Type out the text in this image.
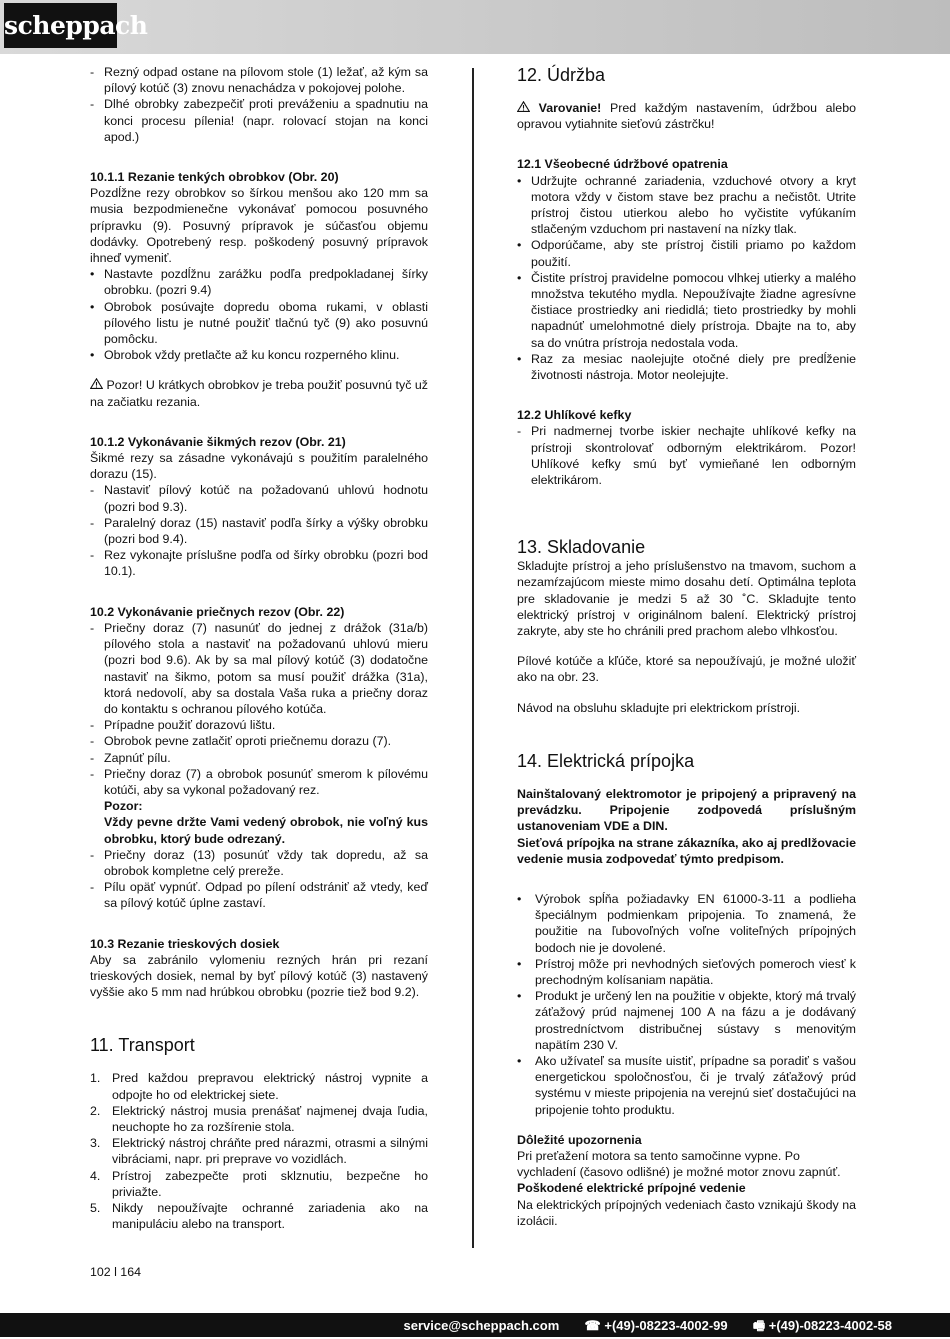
scheppach
- Rezný odpad ostane na pílovom stole (1) ležať, až kým sa pílový kotúč (3) znovu nenachádza v pokojovej polohe.
- Dlhé obrobky zabezpečiť proti preváženiu a spadnutiu na konci procesu pílenia! (napr. rolovací stojan na konci apod.)

10.1.1 Rezanie tenkých obrobkov (Obr. 20)

Pozdĺžne rezy obrobkov so šírkou menšou ako 120 mm sa musia bezpodmienečne vykonávať pomocou posuvného prípravku (9). Posuvný prípravok je súčasťou objemu dodávky. Opotrebený resp. poškodený posuvný prípravok ihneď vymeniť.

• Nastavte pozdĺžnu zarážku podľa predpokladanej šírky obrobku. (pozri 9.4)
• Obrobok posúvajte dopredu oboma rukami, v oblasti pílového listu je nutné použiť tlačnú tyč (9) ako posuvnú pomôcku.
• Obrobok vždy pretlačte až ku koncu rozperného klinu.

Pozor! U krátkych obrobkov je treba použiť posuvnú tyč už na začiatku rezania.

10.1.2 Vykonávanie šikmých rezov (Obr. 21)

Šikmé rezy sa zásadne vykonávajú s použitím paralelného dorazu (15).

- Nastaviť pílový kotúč na požadovanú uhlovú hodnotu (pozri bod 9.3).
- Paralelný doraz (15) nastaviť podľa šírky a výšky obrobku (pozri bod 9.4).
- Rez vykonajte príslušne podľa od šírky obrobku (pozri bod 10.1).

10.2 Vykonávanie priečnych rezov (Obr. 22)

- Priečny doraz (7) nasunúť do jednej z drážok (31a/b) pílového stola a nastaviť na požadovanú uhlovú mieru (pozri bod 9.6). Ak by sa mal pílový kotúč (3) dodatočne nastaviť na šikmo, potom sa musí použiť drážka (31a), ktorá nedovolí, aby sa dostala Vaša ruka a priečny doraz do kontaktu s ochranou pílového kotúča.
- Prípadne použiť dorazovú lištu.
- Obrobok pevne zatlačiť oproti priečnemu dorazu (7).
- Zapnúť pílu.
- Priečny doraz (7) a obrobok posunúť smerom k pílovému kotúči, aby sa vykonal požadovaný rez.

Pozor:

Vždy pevne držte Vami vedený obrobok, nie voľný kus obrobku, ktorý bude odrezaný.

- Priečny doraz (13) posunúť vždy tak dopredu, až sa obrobok kompletne celý prereže.
- Pílu opäť vypnúť. Odpad po pílení odstrániť až vtedy, keď sa pílový kotúč úplne zastaví.

10.3 Rezanie trieskových dosiek

Aby sa zabránilo vylomeniu rezných hrán pri rezaní trieskových dosiek, nemal by byť pílový kotúč (3) nastavený vyššie ako 5 mm nad hrúbkou obrobku (pozrie tiež bod 9.2).

11. Transport

1. Pred každou prepravou elektrický nástroj vypnite a odpojte ho od elektrickej siete.
2. Elektrický nástroj musia prenášať najmenej dvaja ľudia, neuchopte ho za rozšírenie stola.
3. Elektrický nástroj chráňte pred nárazmi, otrasmi a silnými vibráciami, napr. pri preprave vo vozidlách.
4. Prístroj zabezpečte proti sklznutiu, bezpečne ho priviažte.
5. Nikdy nepoužívajte ochranné zariadenia ako na manipuláciu alebo na transport.
102 l 164

12. Údržba

Varovanie! Pred každým nastavením, údržbou alebo opravou vytiahnite sieťovú zástrčku!

12.1 Všeobecné údržbové opatrenia

• Udržujte ochranné zariadenia, vzduchové otvory a kryt motora vždy v čistom stave bez prachu a nečistôt. Utrite prístroj čistou utierkou alebo ho vyčistite vyfúkaním stlačeným vzduchom pri nastavení na nízky tlak.
• Odporúčame, aby ste prístroj čistili priamo po každom použití.
• Čistite prístroj pravidelne pomocou vlhkej utierky a malého množstva tekutého mydla. Nepoužívajte žiadne agresívne čistiace prostriedky ani riedidlá; tieto prostriedky by mohli napadnúť umelohmotné diely prístroja. Dbajte na to, aby sa do vnútra prístroja nedostala voda.
• Raz za mesiac naolejujte otočné diely pre predĺženie životnosti nástroja. Motor neolejujte.

12.2 Uhlíkové kefky

- Pri nadmernej tvorbe iskier nechajte uhlíkové kefky na prístroji skontrolovať odborným elektrikárom. Pozor! Uhlíkové kefky smú byť vymieňané len odborným elektrikárom.

13. Skladovanie

Skladujte prístroj a jeho príslušenstvo na tmavom, suchom a nezamŕzajúcom mieste mimo dosahu detí. Optimálna teplota pre skladovanie je medzi 5 až 30 ˚C. Skladujte tento elektrický prístroj v originálnom balení. Elektrický prístroj zakryte, aby ste ho chránili pred prachom alebo vlhkosťou.

Pílové kotúče a kľúče, ktoré sa nepoužívajú, je možné uložiť ako na obr. 23.

Návod na obsluhu skladujte pri elektrickom prístroji.

14. Elektrická prípojka

Nainštalovaný elektromotor je pripojený a pripravený na prevádzku. Pripojenie zodpovedá príslušným ustanoveniam VDE a DIN.

Sieťová prípojka na strane zákazníka, ako aj predlžovacie vedenie musia zodpovedať týmto predpisom.

• Výrobok spĺňa požiadavky EN 61000-3-11 a podlieha špeciálnym podmienkam pripojenia. To znamená, že použitie na ľubovoľných voľne voliteľných prípojných bodoch nie je dovolené.
• Prístroj môže pri nevhodných sieťových pomeroch viesť k prechodným kolísaniam napätia.
• Produkt je určený len na použitie v objekte, ktorý má trvalý záťažový prúd najmenej 100 A na fázu a je dodávaný prostredníctvom distribučnej sústavy s menovitým napätím 230 V.
• Ako užívateľ sa musíte uistiť, prípadne sa poradiť s vašou energetickou spoločnosťou, či je trvalý záťažový prúd systému v mieste pripojenia na verejnú sieť dostačujúci na pripojenie tohto produktu.

Dôležité upozornenia

Pri preťažení motora sa tento samočinne vypne. Po vychladení (časovo odlišné) je možné motor znovu zapnúť.

Poškodené elektrické prípojné vedenie

Na elektrických prípojných vedeniach často vznikajú škody na izolácii.

service@scheppach.com ☎ +(49)-08223-4002-99 🖷 +(49)-08223-4002-58
